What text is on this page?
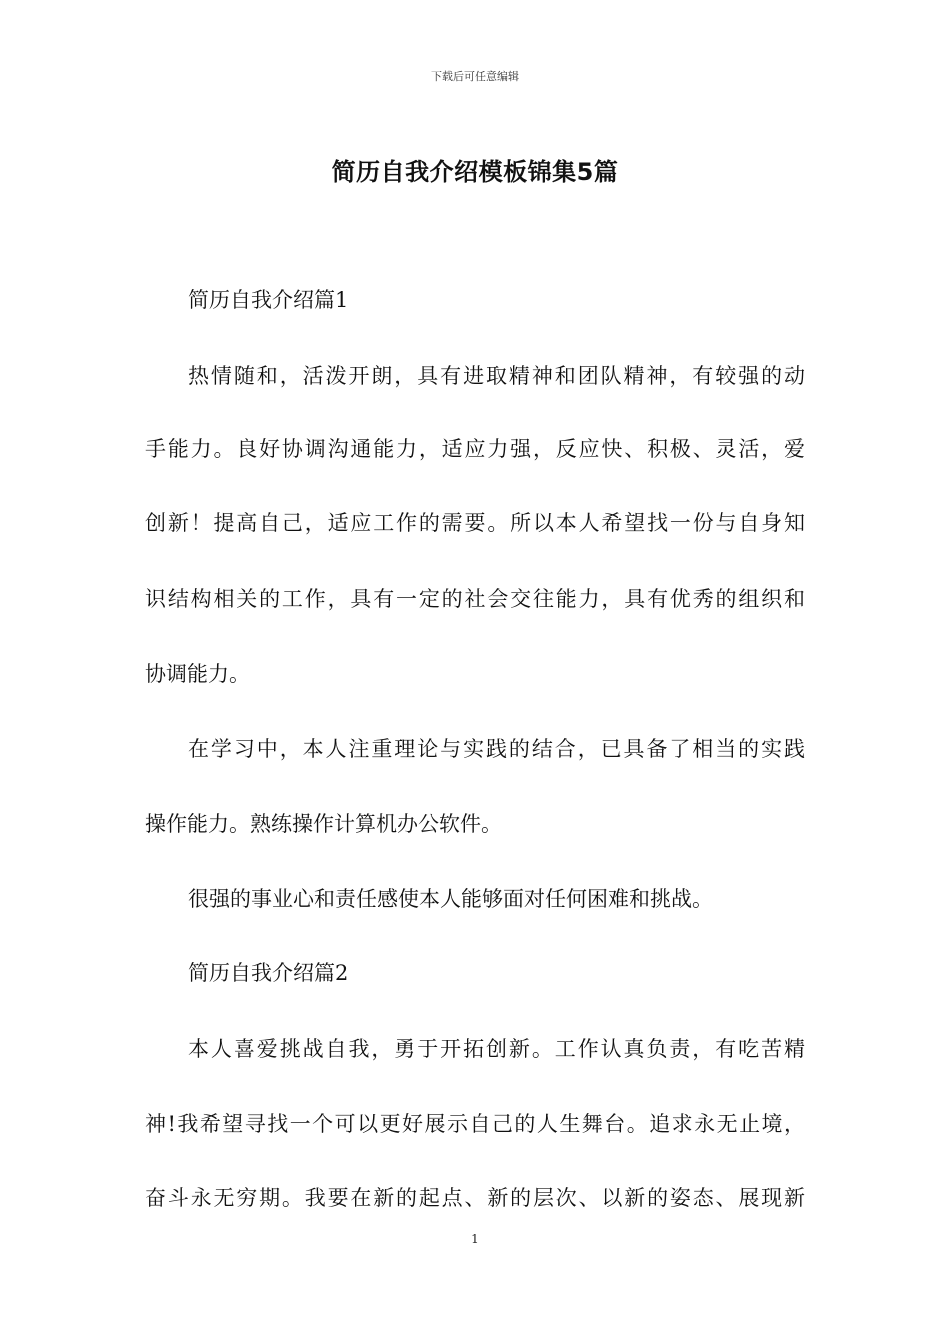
下载后可任意编辑
简历自我介绍模板锦集5篇
简历自我介绍篇1
热情随和，活泼开朗，具有进取精神和团队精神，有较强的动
手能力。良好协调沟通能力，适应力强，反应快、积极、灵活，爱
创新！提高自己，适应工作的需要。所以本人希望找一份与自身知
识结构相关的工作，具有一定的社会交往能力，具有优秀的组织和
协调能力。
在学习中，本人注重理论与实践的结合，已具备了相当的实践
操作能力。熟练操作计算机办公软件。
很强的事业心和责任感使本人能够面对任何困难和挑战。
简历自我介绍篇2
本人喜爱挑战自我，勇于开拓创新。工作认真负责，有吃苦精
神!我希望寻找一个可以更好展示自己的人生舞台。追求永无止境，
奋斗永无穷期。我要在新的起点、新的层次、以新的姿态、展现新
1
